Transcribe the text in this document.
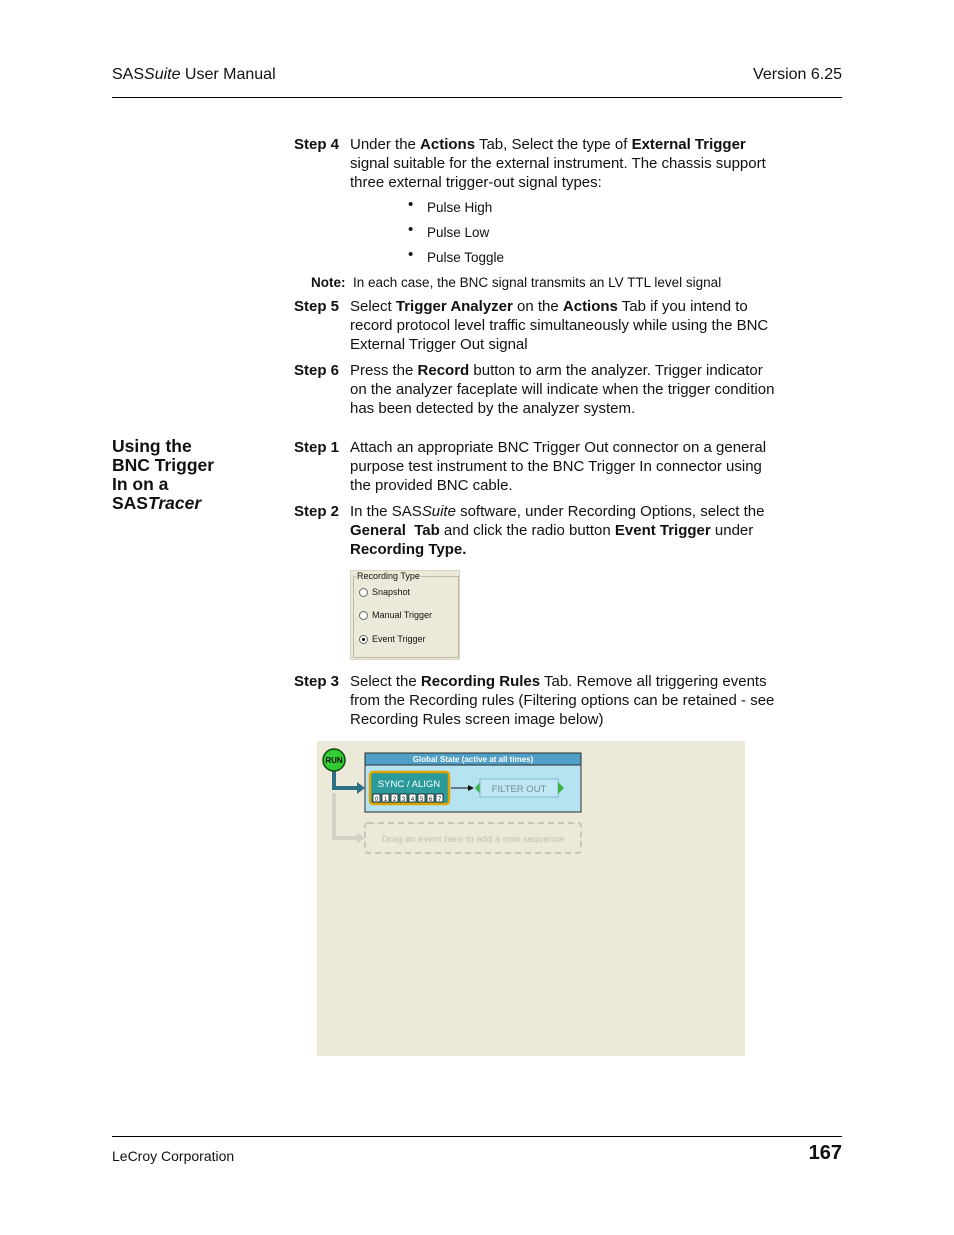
SASSuite User Manual	Version 6.25
Step 4 Under the Actions Tab, Select the type of External Trigger
signal suitable for the external instrument. The chassis support
three external trigger-out signal types:
• Pulse High
• Pulse Low
• Pulse Toggle
Note: In each case, the BNC signal transmits an LV TTL level signal
Step 5 Select Trigger Analyzer on the Actions Tab if you intend to
record protocol level traffic simultaneously while using the BNC
External Trigger Out signal
Step 6 Press the Record button to arm the analyzer. Trigger indicator
on the analyzer faceplate will indicate when the trigger condition
has been detected by the analyzer system.
Using the
BNC Trigger
In on a
SASTracer
Step 1 Attach an appropriate BNC Trigger Out connector on a general
purpose test instrument to the BNC Trigger In connector using
the provided BNC cable.
Step 2 In the SASSuite software, under Recording Options, select the
General  Tab and click the radio button Event Trigger under
Recording Type.
Recording Type
Snapshot
Manual Trigger
Event Trigger
Step 3 Select the Recording Rules Tab. Remove all triggering events
from the Recording rules (Filtering options can be retained - see
Recording Rules screen image below)
RUN	Global State (active at all times)
SYNC / ALIGN
0 1 2 3 4 5 6 7
FILTER OUT
Drag an event here to add a new sequence
LeCroy Corporation	167
